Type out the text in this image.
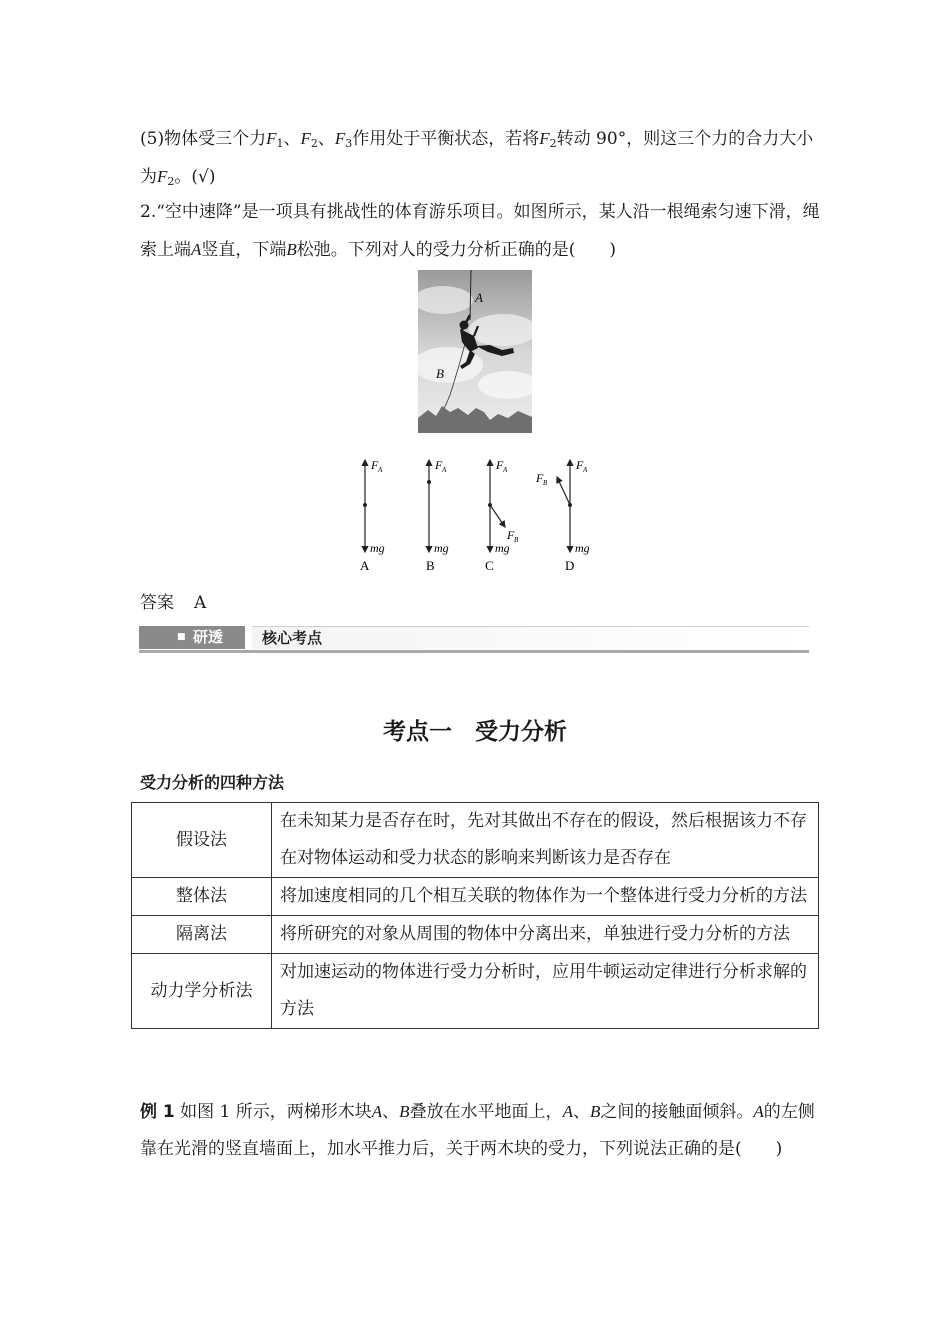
(5)物体受三个力$F_1$、$F_2$、$F_3$作用处于平衡状态，若将$F_2$转动 90°，则这三个力的合力大小为$F_2$。(√)
2.“空中速降”是一项具有挑战性的体育游乐项目。如图所示，某人沿一根绳索匀速下滑，绳索上端A竖直，下端B松弛。下列对人的受力分析正确的是(　　)
A
B
F A
mg
A
F A
mg
B
F A
F B
mg
C
F A
F B
mg
D
答案 A
■ 研透	核心考点
考点一　受力分析
受力分析的四种方法
假设法	在未知某力是否存在时，先对其做出不存在的假设，然后根据该力不存在对物体运动和受力状态的影响来判断该力是否存在
整体法	将加速度相同的几个相互关联的物体作为一个整体进行受力分析的方法
隔离法	将所研究的对象从周围的物体中分离出来，单独进行受力分析的方法
动力学分析法	对加速运动的物体进行受力分析时，应用牛顿运动定律进行分析求解的方法
例 1 如图 1 所示，两梯形木块A、B叠放在水平地面上，A、B之间的接触面倾斜。A的左侧靠在光滑的竖直墙面上，加水平推力后，关于两木块的受力，下列说法正确的是(　　)
